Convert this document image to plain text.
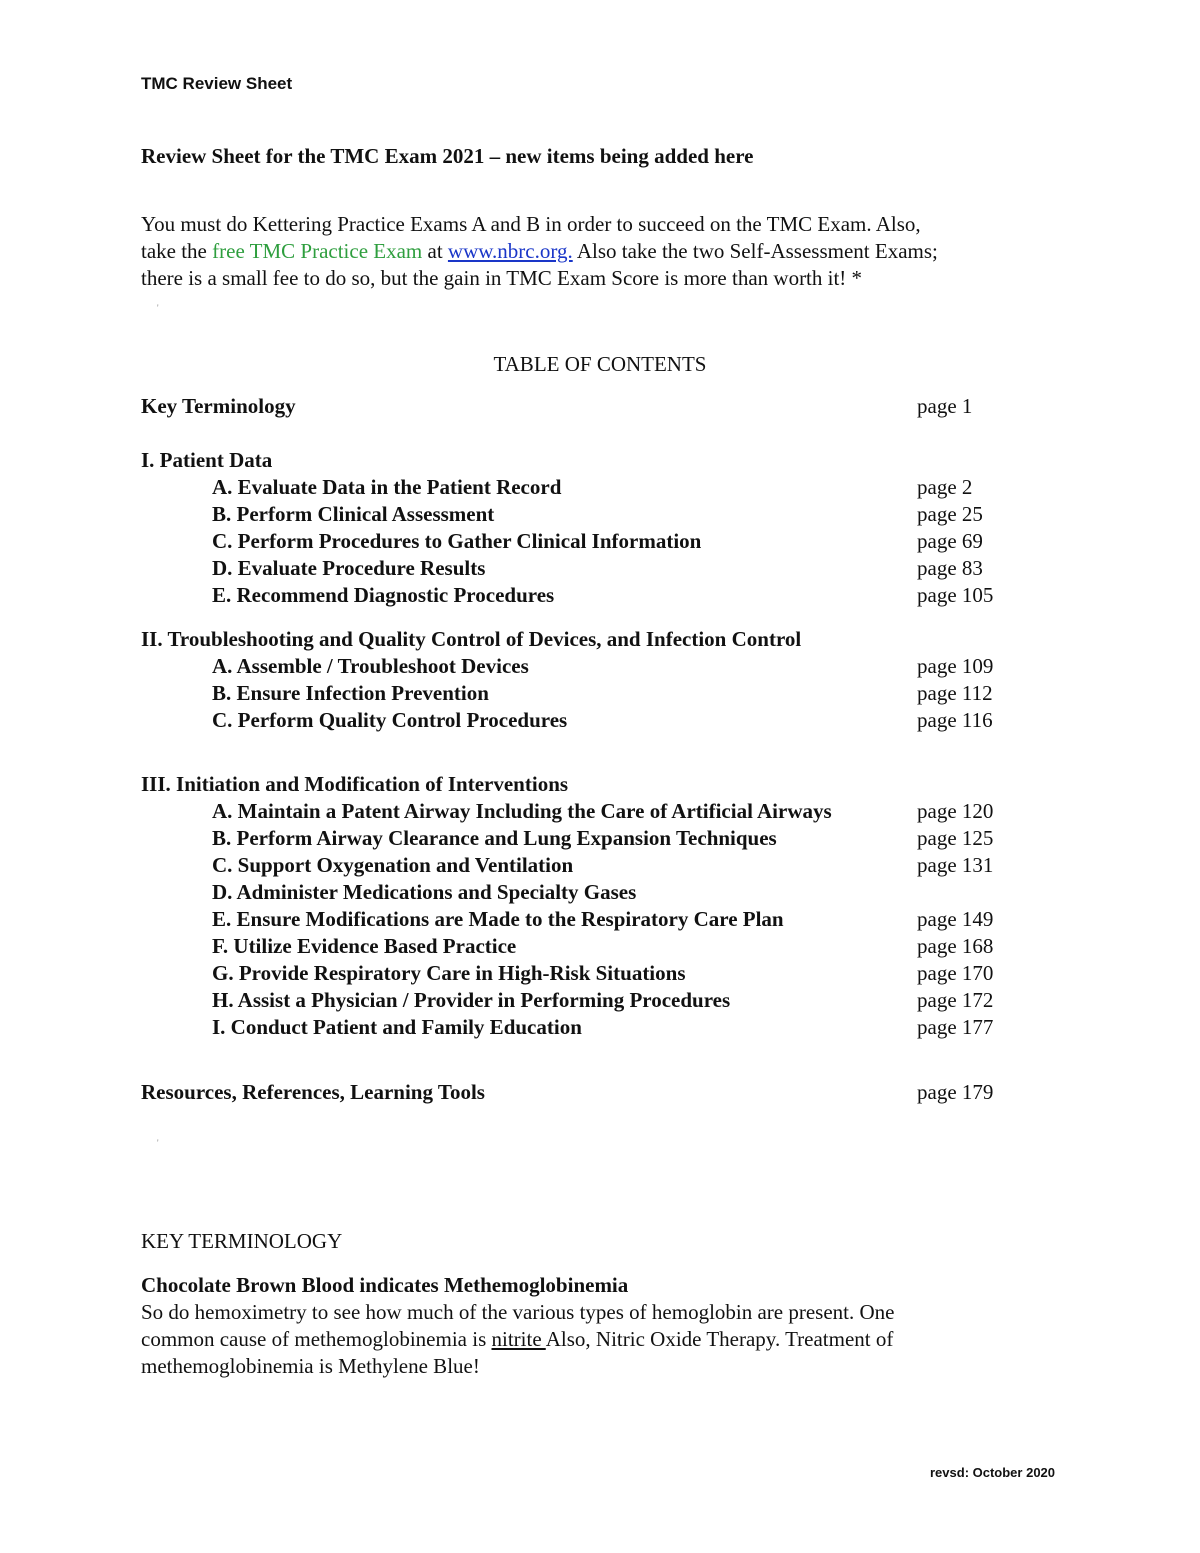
TMC Review Sheet
Review Sheet for the TMC Exam 2021 – new items being added here
You must do Kettering Practice Exams A and B in order to succeed on the TMC Exam. Also,
take the free TMC Practice Exam at www.nbrc.org. Also take the two Self-Assessment Exams;
there is a small fee to do so, but the gain in TMC Exam Score is more than worth it! *
'
TABLE OF CONTENTS
Key Terminology	page 1
I. Patient Data
A. Evaluate Data in the Patient Record	page 2
B. Perform Clinical Assessment	page 25
C. Perform Procedures to Gather Clinical Information	page 69
D. Evaluate Procedure Results	page 83
E. Recommend Diagnostic Procedures	page 105
II. Troubleshooting and Quality Control of Devices, and Infection Control
A. Assemble / Troubleshoot Devices	page 109
B. Ensure Infection Prevention	page 112
C. Perform Quality Control Procedures	page 116
III. Initiation and Modification of Interventions
A. Maintain a Patent Airway Including the Care of Artificial Airways	page 120
B. Perform Airway Clearance and Lung Expansion Techniques	page 125
C. Support Oxygenation and Ventilation	page 131
D. Administer Medications and Specialty Gases
E. Ensure Modifications are Made to the Respiratory Care Plan	page 149
F. Utilize Evidence Based Practice	page 168
G. Provide Respiratory Care in High-Risk Situations	page 170
H. Assist a Physician / Provider in Performing Procedures	page 172
I. Conduct Patient and Family Education	page 177
Resources, References, Learning Tools	page 179
'
KEY TERMINOLOGY
Chocolate Brown Blood indicates Methemoglobinemia
So do hemoximetry to see how much of the various types of hemoglobin are present. One
common cause of methemoglobinemia is nitrite Also, Nitric Oxide Therapy. Treatment of
methemoglobinemia is Methylene Blue!
revsd: October 2020
